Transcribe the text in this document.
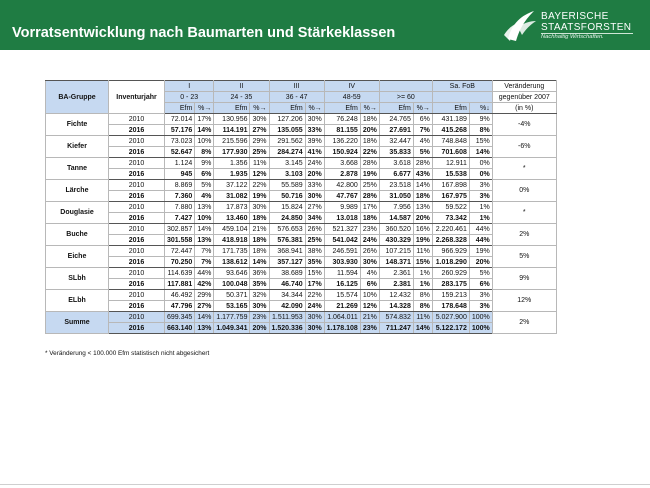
Vorratsentwicklung nach Baumarten und Stärkeklassen
BAYERISCHE
STAATSFORSTEN
Nachhaltig Wirtschaften.
BA-Gruppe	Inventurjahr	I		II		III		IV				Sa. FoB		Veränderung
		0 - 23		24 - 35		36 - 47		48-59		>= 60				gegenüber 2007
		Efm	%→	Efm	%→	Efm	%→	Efm	%→	Efm	%→	Efm	%↓	(in %)
Fichte	2010	72.014	17%	130.956	30%	127.206	30%	76.248	18%	24.765	6%	431.189	9%	-4%
	2016	57.176	14%	114.191	27%	135.055	33%	81.155	20%	27.691	7%	415.268	8%	
Kiefer	2010	73.023	10%	215.596	29%	291.562	39%	136.220	18%	32.447	4%	748.848	15%	-6%
	2016	52.647	8%	177.930	25%	284.274	41%	150.924	22%	35.833	5%	701.608	14%	
Tanne	2010	1.124	9%	1.356	11%	3.145	24%	3.668	28%	3.618	28%	12.911	0%	*
	2016	945	6%	1.935	12%	3.103	20%	2.878	19%	6.677	43%	15.538	0%	
Lärche	2010	8.869	5%	37.122	22%	55.589	33%	42.800	25%	23.518	14%	167.898	3%	0%
	2016	7.360	4%	31.082	19%	50.716	30%	47.767	28%	31.050	18%	167.975	3%	
Douglasie	2010	7.880	13%	17.873	30%	15.824	27%	9.989	17%	7.956	13%	59.522	1%	*
	2016	7.427	10%	13.460	18%	24.850	34%	13.018	18%	14.587	20%	73.342	1%	
Buche	2010	302.857	14%	459.104	21%	576.653	26%	521.327	23%	360.520	16%	2.220.461	44%	2%
	2016	301.558	13%	418.918	18%	576.381	25%	541.042	24%	430.329	19%	2.268.328	44%	
Eiche	2010	72.447	7%	171.735	18%	368.941	38%	246.591	26%	107.215	11%	966.929	19%	5%
	2016	70.250	7%	138.612	14%	357.127	35%	303.930	30%	148.371	15%	1.018.290	20%	
SLbh	2010	114.639	44%	93.646	36%	38.689	15%	11.594	4%	2.361	1%	260.929	5%	9%
	2016	117.881	42%	100.048	35%	46.740	17%	16.125	6%	2.381	1%	283.175	6%	
ELbh	2010	46.492	29%	50.371	32%	34.344	22%	15.574	10%	12.432	8%	159.213	3%	12%
	2016	47.796	27%	53.165	30%	42.090	24%	21.269	12%	14.328	8%	178.648	3%	
Summe	2010	699.345	14%	1.177.759	23%	1.511.953	30%	1.064.011	21%	574.832	11%	5.027.900	100%	2%
	2016	663.140	13%	1.049.341	20%	1.520.336	30%	1.178.108	23%	711.247	14%	5.122.172	100%	
* Veränderung < 100.000 Efm statistisch nicht abgesichert
